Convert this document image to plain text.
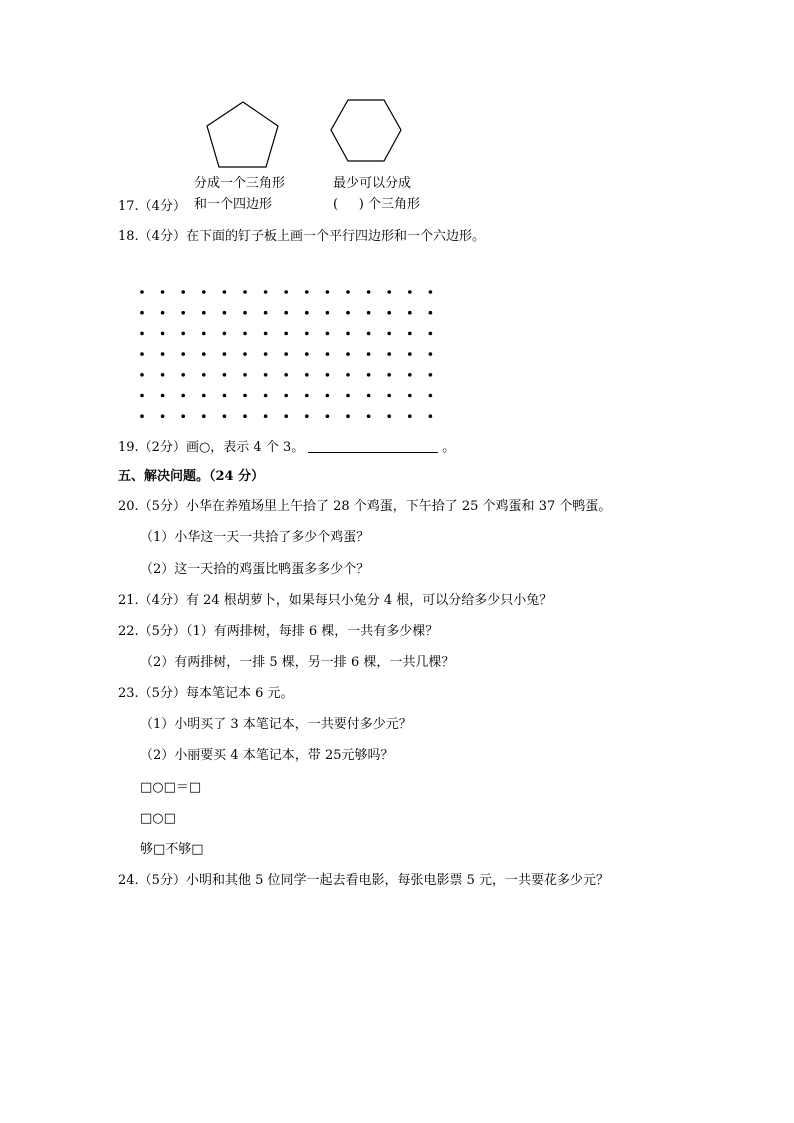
分成一个三角形
和一个四边形
最少可以分成
(     ) 个三角形
17.（4分）
18.（4分）在下面的钉子板上画一个平行四边形和一个六边形。
19.（2分）画○，表示 4 个 3。	。
五、解决问题。（24 分）
20.（5分）小华在养殖场里上午拾了 28 个鸡蛋，下午拾了 25 个鸡蛋和 37 个鸭蛋。
（1）小华这一天一共拾了多少个鸡蛋？
（2）这一天拾的鸡蛋比鸭蛋多多少个？
21.（4分）有 24 根胡萝卜，如果每只小兔分 4 根，可以分给多少只小兔？
22.（5分）（1）有两排树，每排 6 棵，一共有多少棵？
（2）有两排树，一排 5 棵，另一排 6 棵，一共几棵？
23.（5分）每本笔记本 6 元。
（1）小明买了 3 本笔记本，一共要付多少元？
（2）小丽要买 4 本笔记本，带 25元够吗？
□○□＝□
□○□
够□不够□
24.（5分）小明和其他 5 位同学一起去看电影，每张电影票 5 元，一共要花多少元？
